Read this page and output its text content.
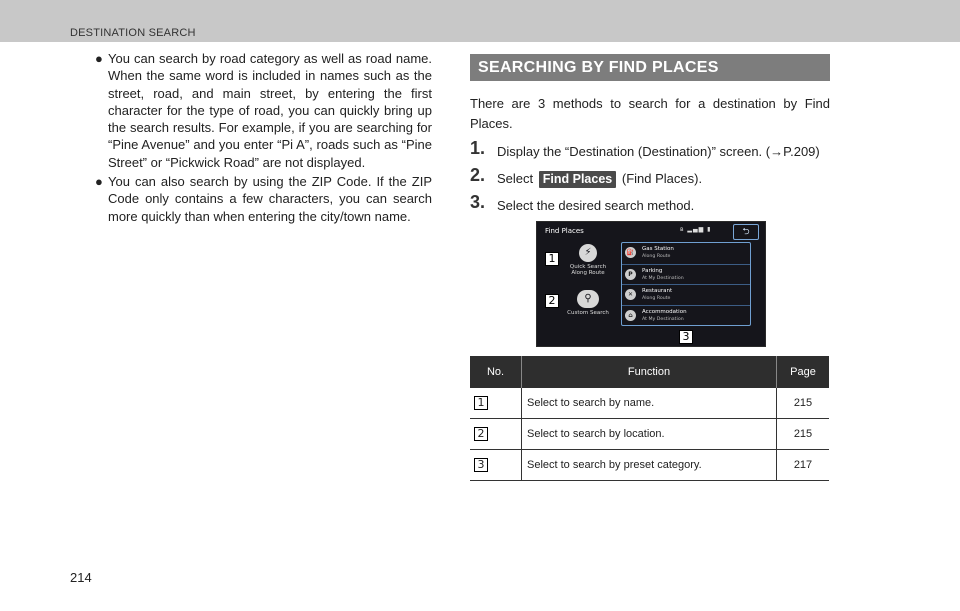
DESTINATION SEARCH

● You can search by road category as well as road name. When the same word is included in names such as the street, road, and main street, by entering the first character for the type of road, you can quickly bring up the search results. For example, if you are searching for “Pine Avenue” and you enter “Pi A”, roads such as “Pine Street” or “Pickwick Road” are not displayed.

● You can also search by using the ZIP Code. If the ZIP Code only contains a few characters, you can search more quickly than when entering the city/town name.

SEARCHING BY FIND PLACES
There are 3 methods to search for a destination by Find Places.
1. Display the “Destination (Destination)” screen. (→P.209)
2. Select Find Places (Find Places).
3. Select the desired search method.
Find Places	ʙ ▂▄▆ ▮	⮌
⚡
Quick Search
Along Route
⚲
Custom Search
⛽	Gas Station
Along Route
P	Parking
At My Destination
✕	Restaurant
Along Route
⌂	Accommodation
At My Destination
1
2
3
No.	Function	Page
1	Select to search by name.	215
2	Select to search by location.	215
3	Select to search by preset category.	217
214
